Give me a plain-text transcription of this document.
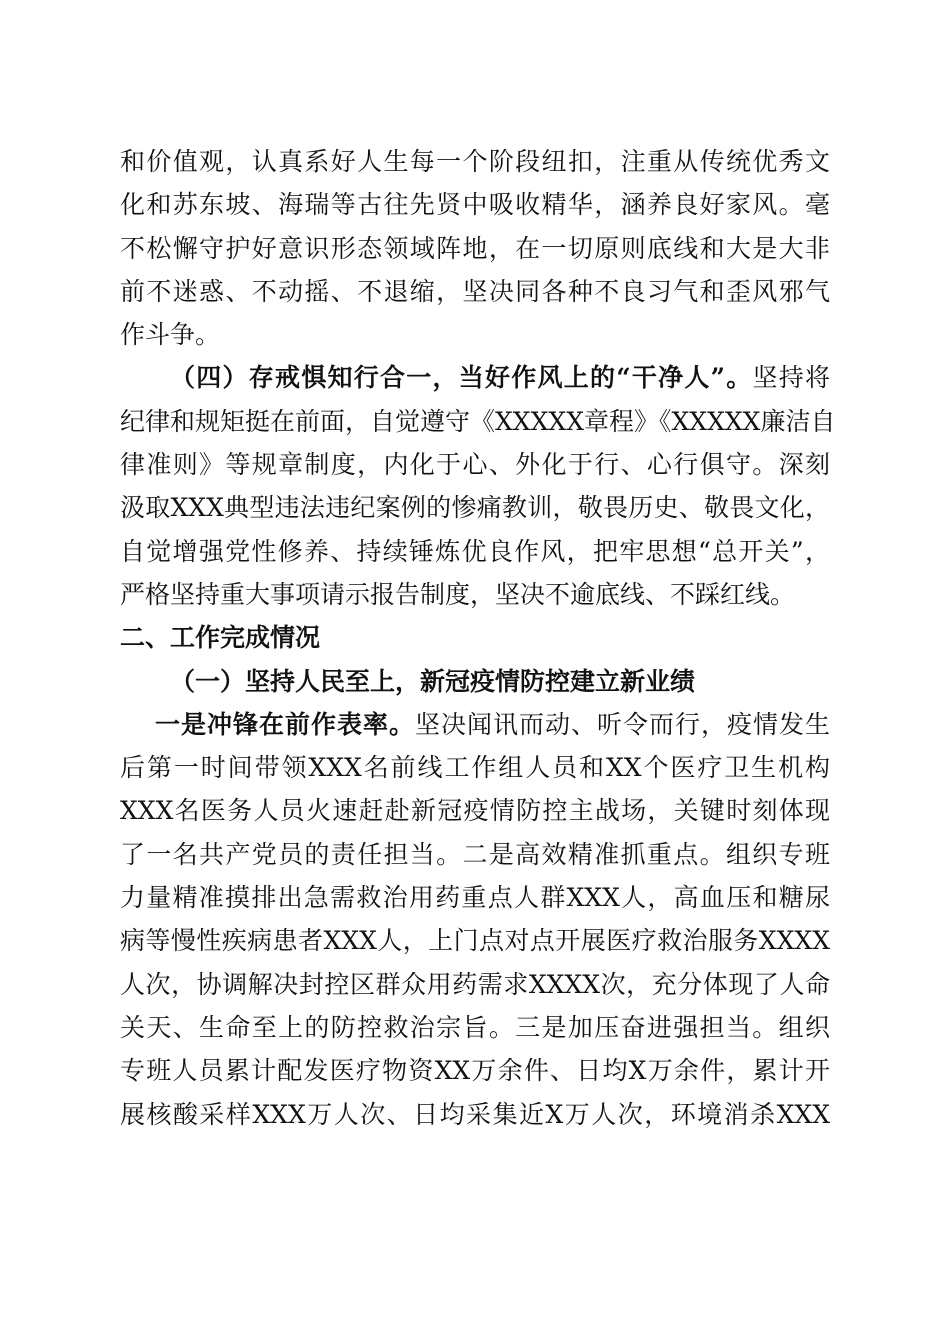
和价值观，认真系好人生每一个阶段纽扣，注重从传统优秀文
化和苏东坡、海瑞等古往先贤中吸收精华，涵养良好家风。毫
不松懈守护好意识形态领域阵地，在一切原则底线和大是大非
前不迷惑、不动摇、不退缩，坚决同各种不良习气和歪风邪气
作斗争。
（四）存戒惧知行合一，当好作风上的“干净人”。坚持将
纪律和规矩挺在前面，自觉遵守《XXXXX章程》《XXXXX廉洁自
律准则》等规章制度，内化于心、外化于行、心行俱守。深刻
汲取XXX典型违法违纪案例的惨痛教训，敬畏历史、敬畏文化，
自觉增强党性修养、持续锤炼优良作风，把牢思想“总开关”，
严格坚持重大事项请示报告制度，坚决不逾底线、不踩红线。
二、工作完成情况
（一）坚持人民至上，新冠疫情防控建立新业绩
一是冲锋在前作表率。坚决闻讯而动、听令而行，疫情发生
后第一时间带领XXX名前线工作组人员和XX个医疗卫生机构
XXX名医务人员火速赶赴新冠疫情防控主战场，关键时刻体现
了一名共产党员的责任担当。二是高效精准抓重点。组织专班
力量精准摸排出急需救治用药重点人群XXX人，高血压和糖尿
病等慢性疾病患者XXX人，上门点对点开展医疗救治服务XXXX
人次，协调解决封控区群众用药需求XXXX次，充分体现了人命
关天、生命至上的防控救治宗旨。三是加压奋进强担当。组织
专班人员累计配发医疗物资XX万余件、日均X万余件，累计开
展核酸采样XXX万人次、日均采集近X万人次，环境消杀XXX
